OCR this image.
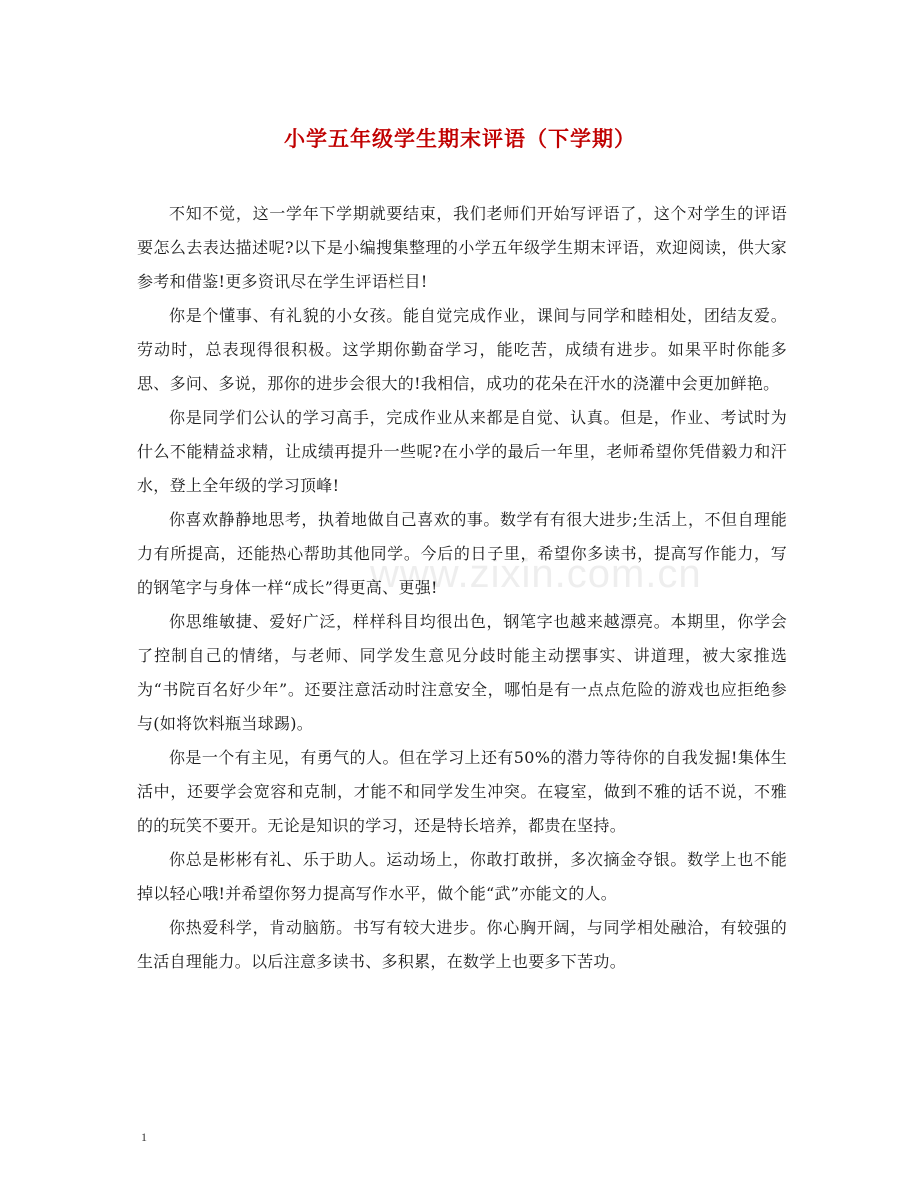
小学五年级学生期末评语（下学期）
www.zixin.com.cn

不知不觉，这一学年下学期就要结束，我们老师们开始写评语了，这个对学生的评语要怎么去表达描述呢?以下是小编搜集整理的小学五年级学生期末评语，欢迎阅读，供大家参考和借鉴!更多资讯尽在学生评语栏目!

你是个懂事、有礼貌的小女孩。能自觉完成作业，课间与同学和睦相处，团结友爱。劳动时，总表现得很积极。这学期你勤奋学习，能吃苦，成绩有进步。如果平时你能多思、多问、多说，那你的进步会很大的!我相信，成功的花朵在汗水的浇灌中会更加鲜艳。

你是同学们公认的学习高手，完成作业从来都是自觉、认真。但是，作业、考试时为什么不能精益求精，让成绩再提升一些呢?在小学的最后一年里，老师希望你凭借毅力和汗水，登上全年级的学习顶峰!

你喜欢静静地思考，执着地做自己喜欢的事。数学有有很大进步;生活上，不但自理能力有所提高，还能热心帮助其他同学。今后的日子里，希望你多读书，提高写作能力，写的钢笔字与身体一样“成长”得更高、更强!

你思维敏捷、爱好广泛，样样科目均很出色，钢笔字也越来越漂亮。本期里，你学会了控制自己的情绪，与老师、同学发生意见分歧时能主动摆事实、讲道理，被大家推选为“书院百名好少年”。还要注意活动时注意安全，哪怕是有一点点危险的游戏也应拒绝参与(如将饮料瓶当球踢)。

你是一个有主见，有勇气的人。但在学习上还有50%的潜力等待你的自我发掘!集体生活中，还要学会宽容和克制，才能不和同学发生冲突。在寝室，做到不雅的话不说，不雅的的玩笑不要开。无论是知识的学习，还是特长培养，都贵在坚持。

你总是彬彬有礼、乐于助人。运动场上，你敢打敢拼，多次摘金夺银。数学上也不能掉以轻心哦!并希望你努力提高写作水平，做个能“武”亦能文的人。

你热爱科学，肯动脑筋。书写有较大进步。你心胸开阔，与同学相处融洽，有较强的生活自理能力。以后注意多读书、多积累，在数学上也要多下苦功。

1
